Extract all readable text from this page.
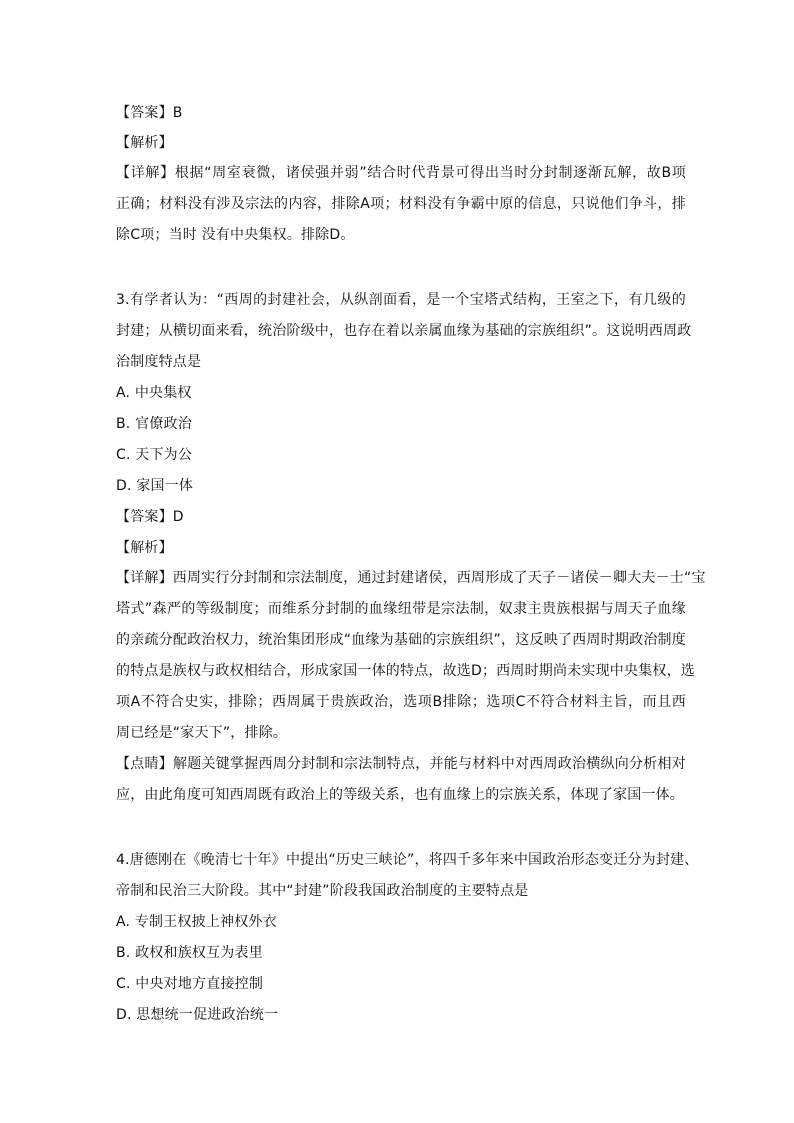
【答案】B
【解析】
【详解】根据“周室衰微，诸侯强并弱”结合时代背景可得出当时分封制逐渐瓦解，故B项
正确；材料没有涉及宗法的内容，排除A项；材料没有争霸中原的信息，只说他们争斗，排
除C项；当时 没有中央集权。排除D。
3.有学者认为：“西周的封建社会，从纵剖面看，是一个宝塔式结构，王室之下，有几级的
封建；从横切面来看，统治阶级中，也存在着以亲属血缘为基础的宗族组织”。这说明西周政
治制度特点是
A. 中央集权
B. 官僚政治
C. 天下为公
D. 家国一体
【答案】D
【解析】
【详解】西周实行分封制和宗法制度，通过封建诸侯，西周形成了天子－诸侯－卿大夫－士“宝
塔式”森严的等级制度；而维系分封制的血缘纽带是宗法制，奴隶主贵族根据与周天子血缘
的亲疏分配政治权力，统治集团形成“血缘为基础的宗族组织”，这反映了西周时期政治制度
的特点是族权与政权相结合，形成家国一体的特点，故选D；西周时期尚未实现中央集权，选
项A不符合史实，排除；西周属于贵族政治，选项B排除；选项C不符合材料主旨，而且西
周已经是“家天下”，排除。
【点睛】解题关键掌握西周分封制和宗法制特点，并能与材料中对西周政治横纵向分析相对
应，由此角度可知西周既有政治上的等级关系，也有血缘上的宗族关系，体现了家国一体。
4.唐德刚在《晚清七十年》中提出“历史三峡论”，将四千多年来中国政治形态变迁分为封建、
帝制和民治三大阶段。其中“封建”阶段我国政治制度的主要特点是
A. 专制王权披上神权外衣
B. 政权和族权互为表里
C. 中央对地方直接控制
D. 思想统一促进政治统一
